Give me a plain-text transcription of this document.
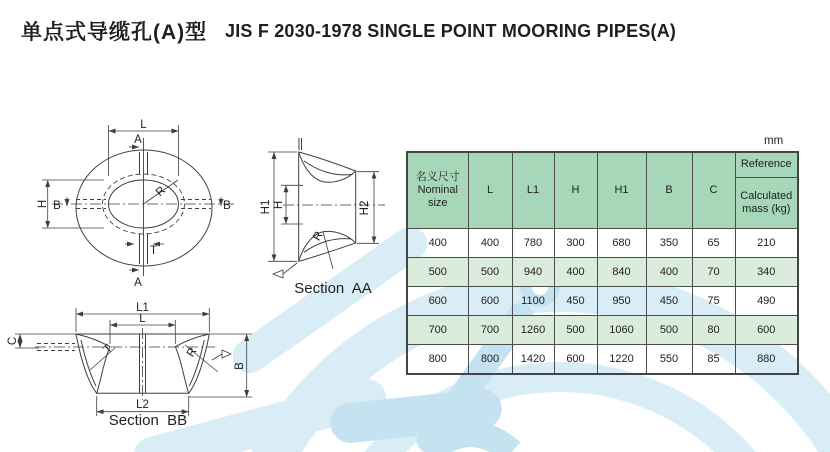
单点式导缆孔(A)型 JIS F 2030-1978 SINGLE POINT MOORING PIPES(A)
L
A
A
H B	B
R
T
H1 H	H2
R
L1
L
L2
C
B
T	R
Section  AA
Section  BB
mm
名义尺寸
Nominal size	L	L1	H	H1	B	C	Reference
							Calculated mass (kg)
400	400	780	300	680	350	65	210
500	500	940	400	840	400	70	340
600	600	1100	450	950	450	75	490
700	700	1260	500	1060	500	80	600
800	800	1420	600	1220	550	85	880
